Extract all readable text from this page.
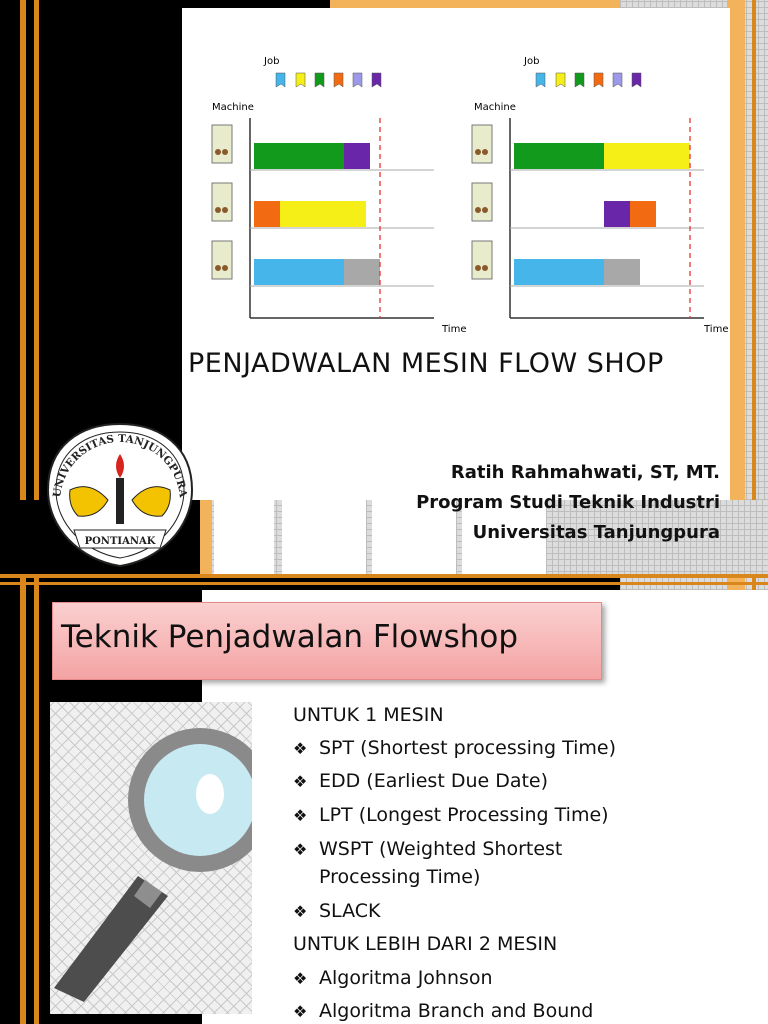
Job
Machine
Time
Job
Machine
Time
PENJADWALAN MESIN FLOW SHOP
UNIVERSITAS TANJUNGPURA
PONTIANAK
Ratih Rahmahwati, ST, MT.
Program Studi Teknik Industri
Universitas Tanjungpura
Teknik Penjadwalan Flowshop
UNTUK 1 MESIN
❖ SPT (Shortest processing Time)
❖ EDD (Earliest Due Date)
❖ LPT (Longest Processing Time)
❖ WSPT (Weighted Shortest
Processing Time)
❖ SLACK
UNTUK LEBIH DARI 2 MESIN
❖ Algoritma Johnson
❖ Algoritma Branch and Bound
